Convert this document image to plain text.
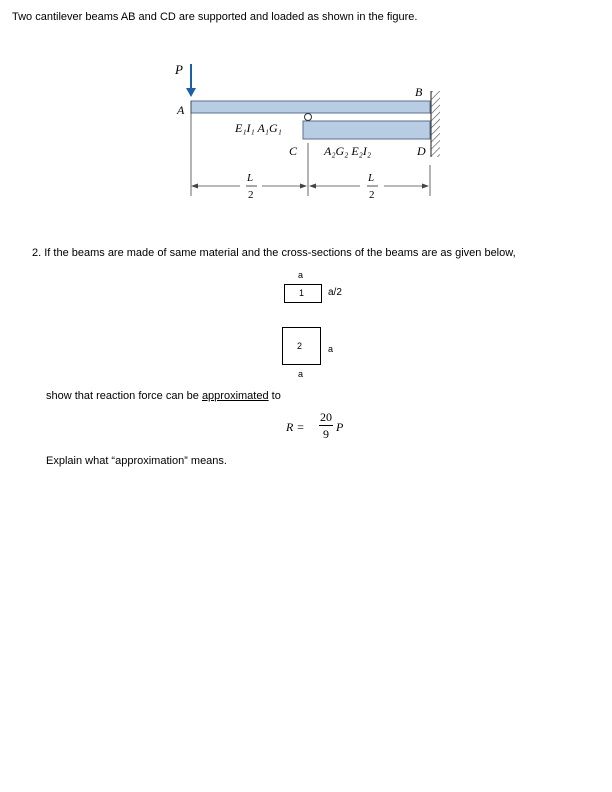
Two cantilever beams AB and CD are supported and loaded as shown in the figure.
P
A
B
C	D
E₁I₁ A₁G₁
A₂G₂ E₂I₂
L
2
L
2
2. If the beams are made of same material and the cross-sections of the beams are as given below,
a
1 a/2
2	a
a
show that reaction force can be approximated to
R =
20
9 P
Explain what “approximation” means.
